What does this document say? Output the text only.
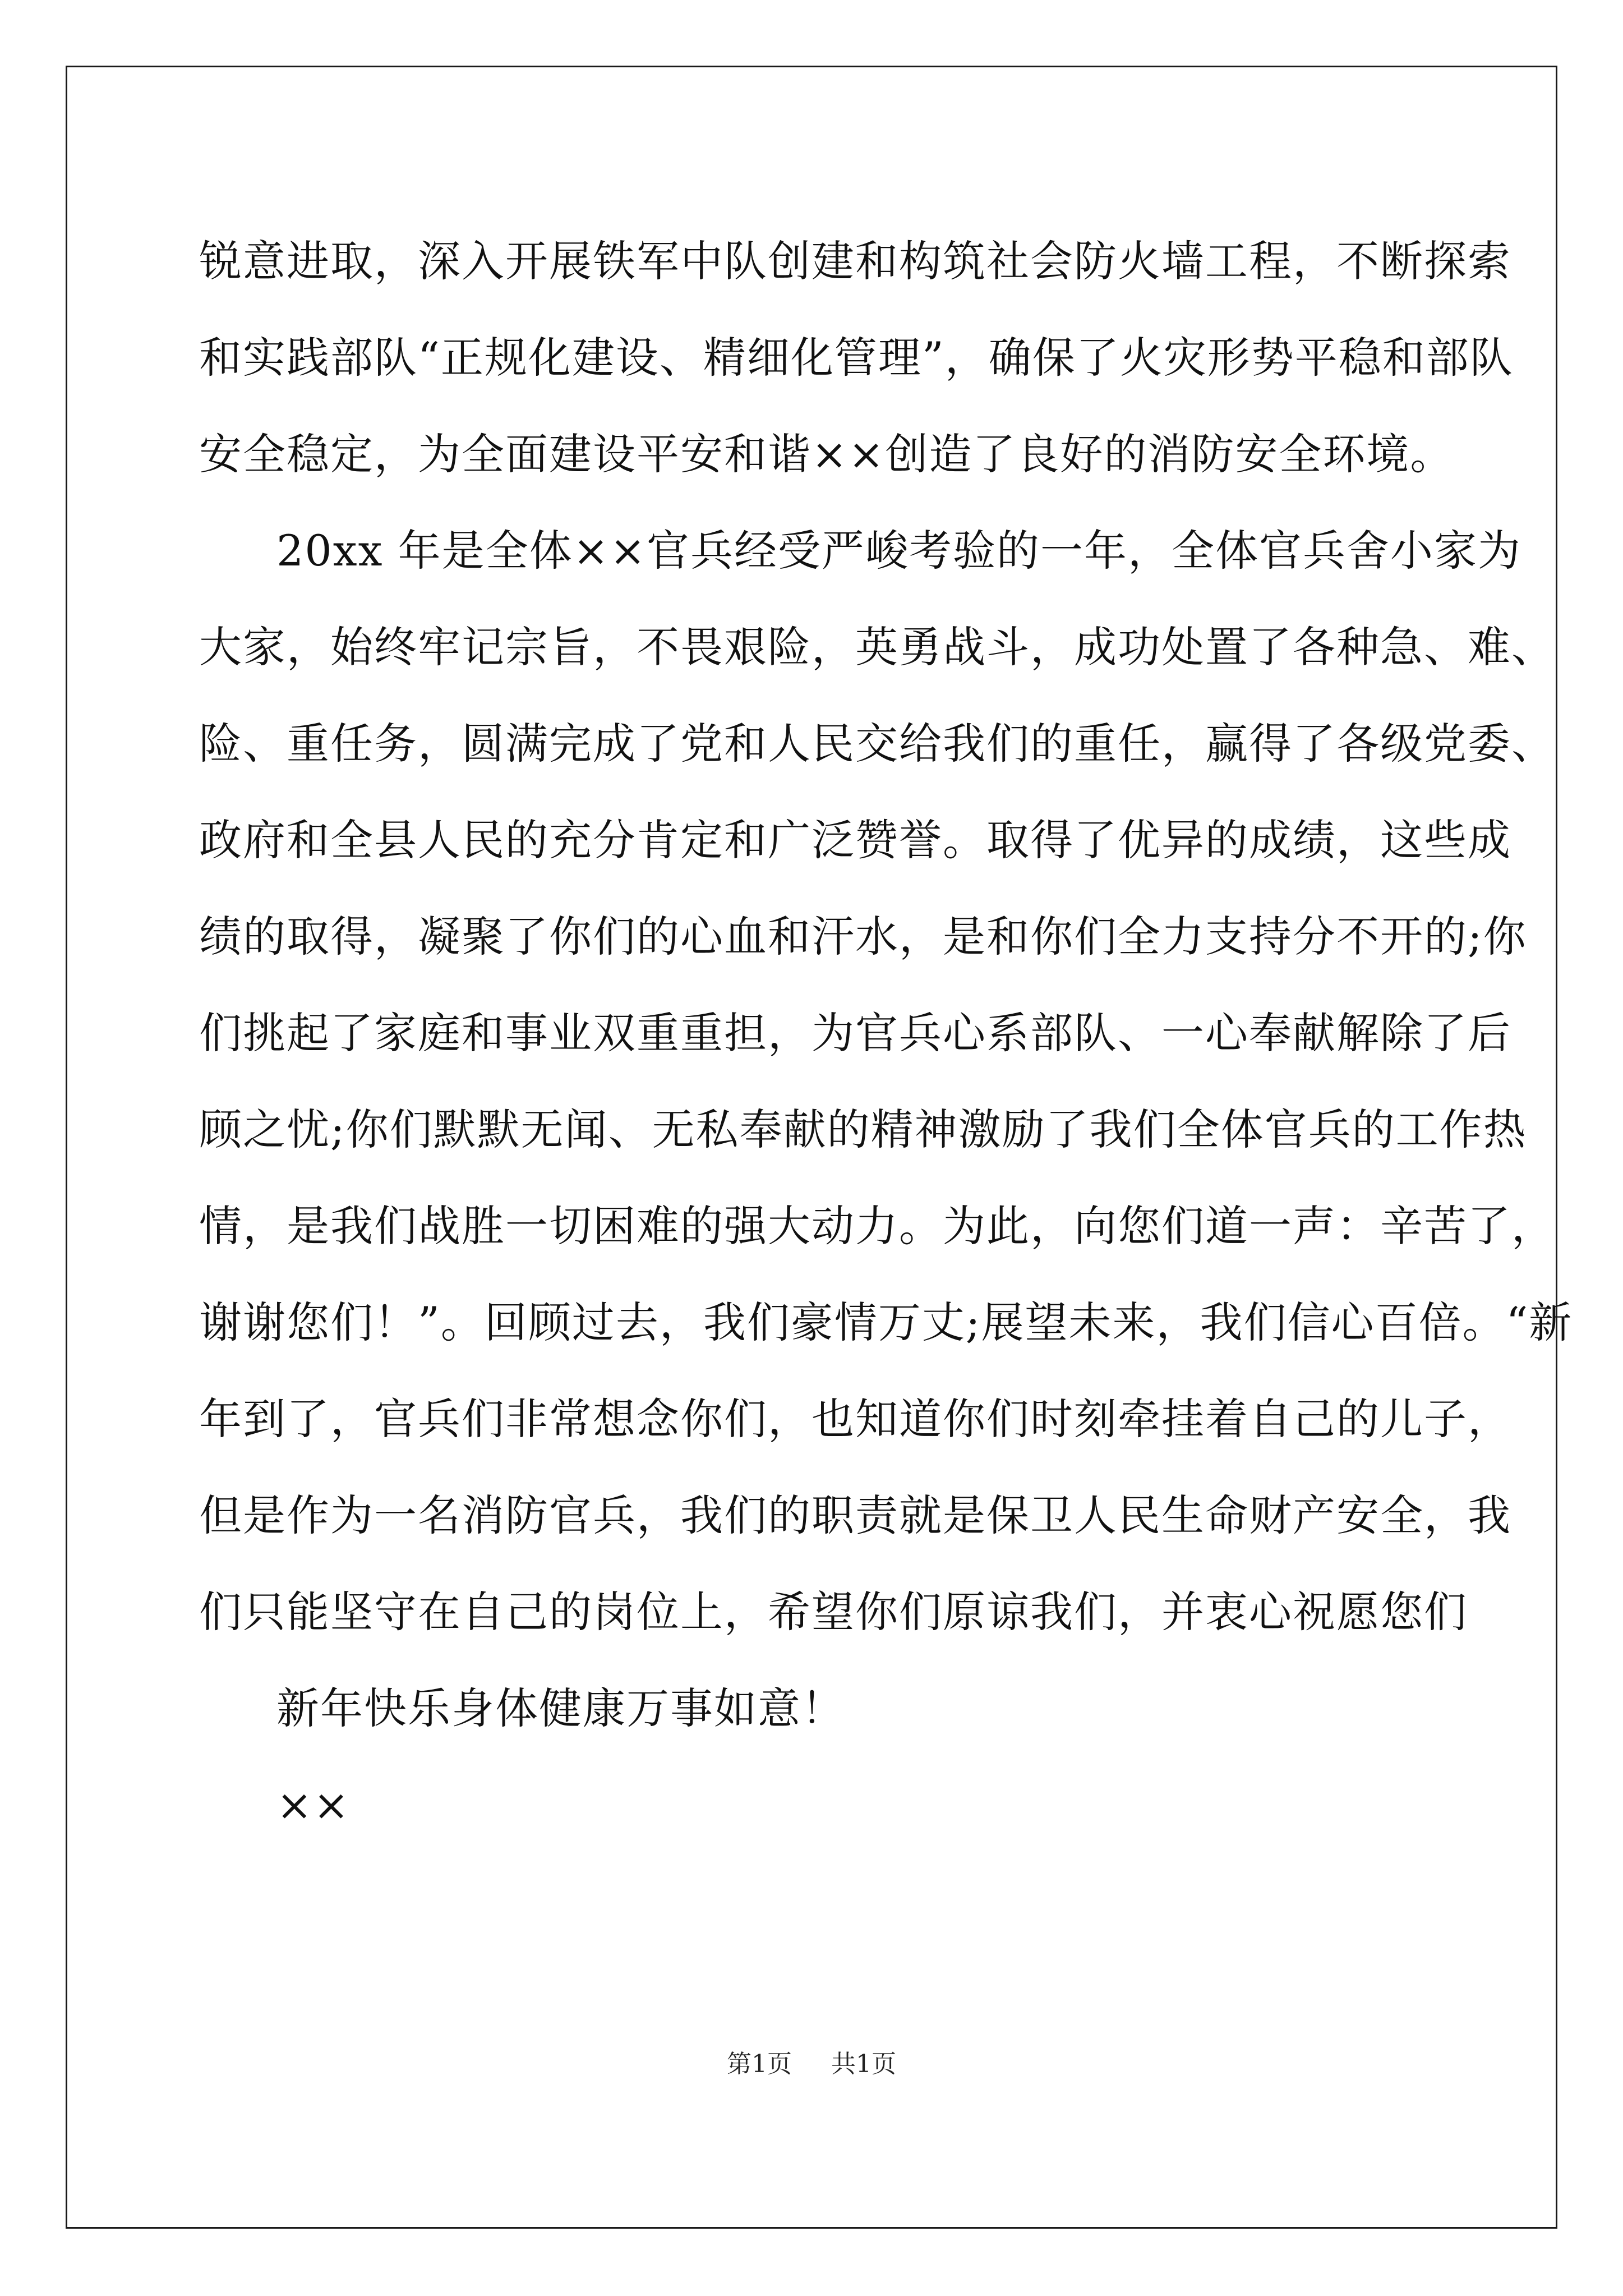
锐意进取，深入开展铁军中队创建和构筑社会防火墙工程，不断探索
和实践部队“正规化建设、精细化管理”，确保了火灾形势平稳和部队
安全稳定，为全面建设平安和谐××创造了良好的消防安全环境。
20xx 年是全体××官兵经受严峻考验的一年，全体官兵舍小家为
大家，始终牢记宗旨，不畏艰险，英勇战斗，成功处置了各种急、难、
险、重任务，圆满完成了党和人民交给我们的重任，赢得了各级党委、
政府和全县人民的充分肯定和广泛赞誉。取得了优异的成绩，这些成
绩的取得，凝聚了你们的心血和汗水，是和你们全力支持分不开的;你
们挑起了家庭和事业双重重担，为官兵心系部队、一心奉献解除了后
顾之忧;你们默默无闻、无私奉献的精神激励了我们全体官兵的工作热
情，是我们战胜一切困难的强大动力。为此，向您们道一声：辛苦了，
谢谢您们！”。回顾过去，我们豪情万丈;展望未来，我们信心百倍。“新
年到了，官兵们非常想念你们，也知道你们时刻牵挂着自己的儿子，
但是作为一名消防官兵，我们的职责就是保卫人民生命财产安全，我
们只能坚守在自己的岗位上，希望你们原谅我们，并衷心祝愿您们
新年快乐身体健康万事如意！
××
第1页 共1页
